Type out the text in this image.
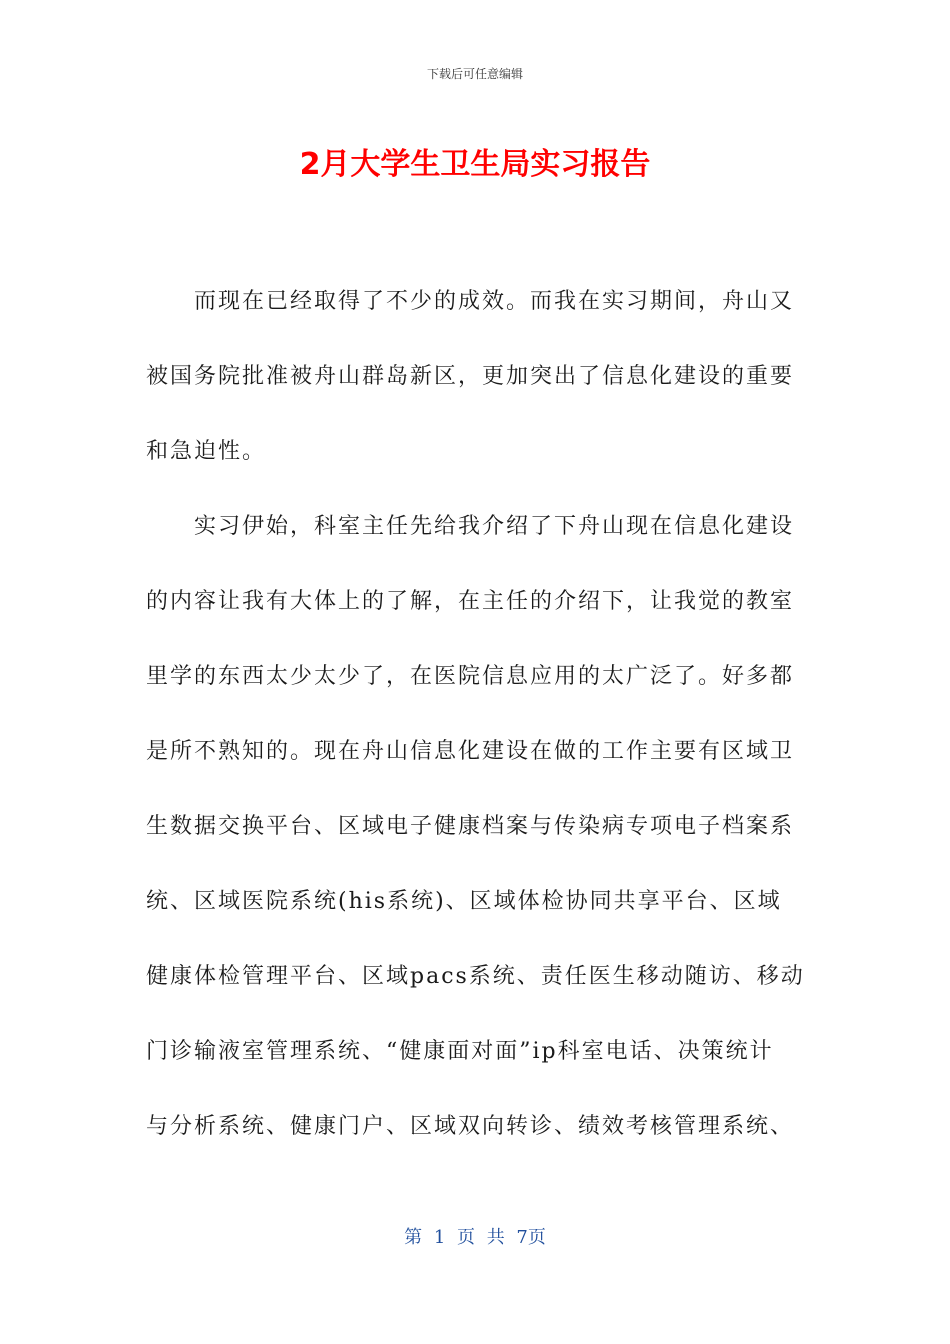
下载后可任意编辑
2月大学生卫生局实习报告
而现在已经取得了不少的成效。而我在实习期间，舟山又
被国务院批准被舟山群岛新区，更加突出了信息化建设的重要
和急迫性。
实习伊始，科室主任先给我介绍了下舟山现在信息化建设
的内容让我有大体上的了解，在主任的介绍下，让我觉的教室
里学的东西太少太少了，在医院信息应用的太广泛了。好多都
是所不熟知的。现在舟山信息化建设在做的工作主要有区域卫
生数据交换平台、区域电子健康档案与传染病专项电子档案系
统、区域医院系统(his系统)、区域体检协同共享平台、区域
健康体检管理平台、区域pacs系统、责任医生移动随访、移动
门诊输液室管理系统、“健康面对面”ip科室电话、决策统计
与分析系统、健康门户、区域双向转诊、绩效考核管理系统、
第 1 页 共 7页
